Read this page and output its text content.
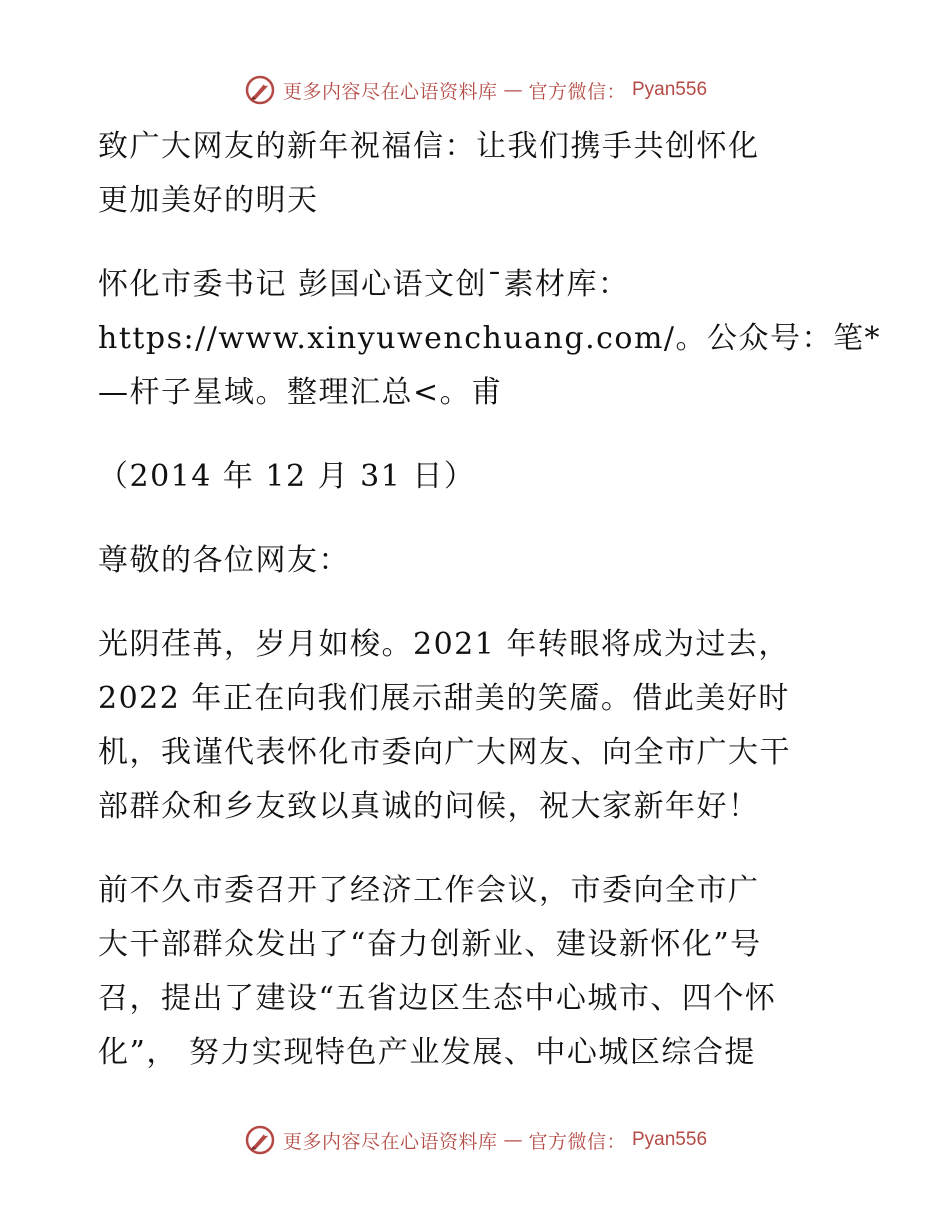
更多内容尽在心语资料库 — 官方微信： Pyan556
致广大网友的新年祝福信：让我们携手共创怀化
更加美好的明天
怀化市委书记 彭国心语文创¯素材库：
https://www.xinyuwenchuang.com/。公众号：笔*
—杆子星域。整理汇总<。甫
（2014 年 12 月 31 日）
尊敬的各位网友：
光阴荏苒，岁月如梭。2021 年转眼将成为过去，
2022 年正在向我们展示甜美的笑靥。借此美好时
机，我谨代表怀化市委向广大网友、向全市广大干
部群众和乡友致以真诚的问候，祝大家新年好！
前不久市委召开了经济工作会议，市委向全市广
大干部群众发出了“奋力创新业、建设新怀化”号
召，提出了建设“五省边区生态中心城市、四个怀
化”， 努力实现特色产业发展、中心城区综合提
更多内容尽在心语资料库 — 官方微信： Pyan556
